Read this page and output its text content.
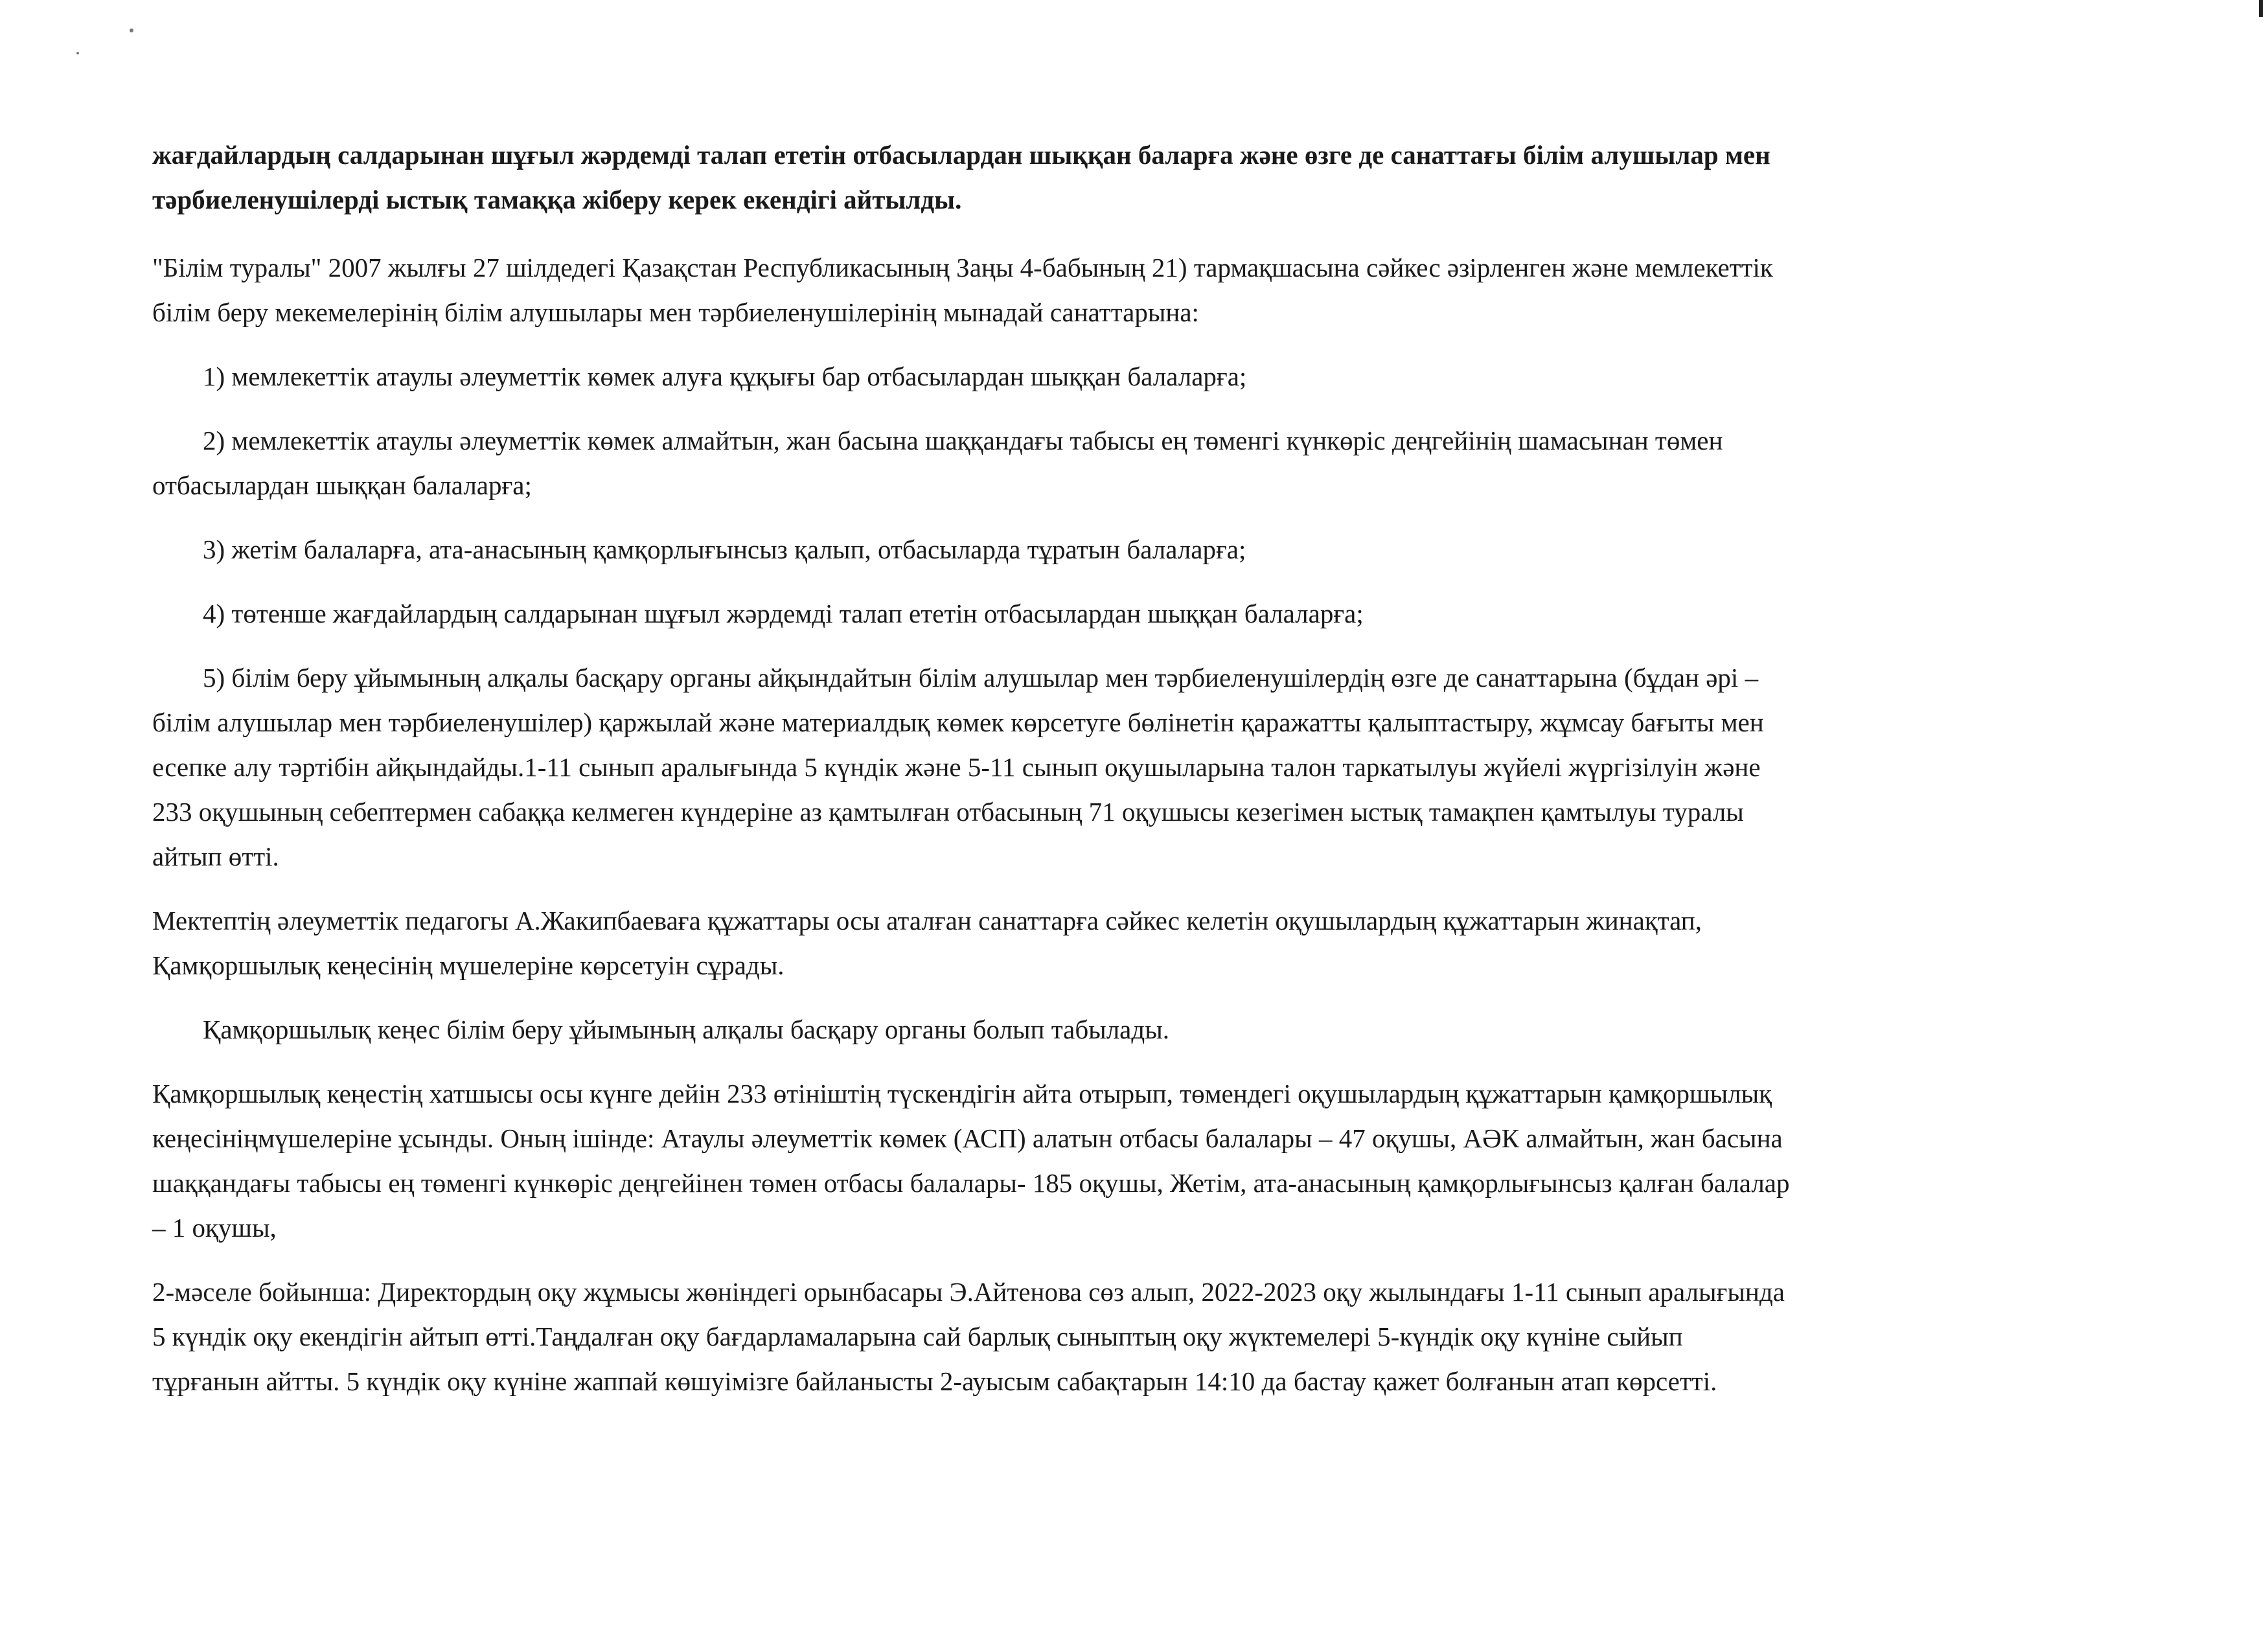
жағдайлардың салдарынан шұғыл жәрдемді талап ететін отбасылардан шыққан баларға және өзге де санаттағы білім алушылар мен
тәрбиеленушілерді ыстық тамаққа жіберу керек екендігі айтылды.
"Білім туралы" 2007 жылғы 27 шілдедегі Қазақстан Республикасының Заңы 4-бабының 21) тармақшасына сәйкес әзірленген және мемлекеттік
білім беру мекемелерінің білім алушылары мен тәрбиеленушілерінің мынадай санаттарына:
1) мемлекеттік атаулы әлеуметтік көмек алуға құқығы бар отбасылардан шыққан балаларға;
2) мемлекеттік атаулы әлеуметтік көмек алмайтын, жан басына шаққандағы табысы ең төменгі күнкөріс деңгейінің шамасынан төмен
отбасылардан шыққан балаларға;
3) жетім балаларға, ата-анасының қамқорлығынсыз қалып, отбасыларда тұратын балаларға;
4) төтенше жағдайлардың салдарынан шұғыл жәрдемді талап ететін отбасылардан шыққан балаларға;
5) білім беру ұйымының алқалы басқару органы айқындайтын білім алушылар мен тәрбиеленушілердің өзге де санаттарына (бұдан әрі –
білім алушылар мен тәрбиеленушілер) қаржылай және материалдық көмек көрсетуге бөлінетін қаражатты қалыптастыру, жұмсау бағыты мен
есепке алу тәртібін айқындайды.1-11 сынып аралығында 5 күндік және 5-11 сынып оқушыларына талон таркатылуы жүйелі жүргізілуін және
233 оқушының себептермен сабаққа келмеген күндеріне аз қамтылған отбасының 71 оқушысы кезегімен ыстық тамақпен қамтылуы туралы
айтып өтті.
Мектептің әлеуметтік педагогы А.Жакипбаеваға құжаттары осы аталған санаттарға сәйкес келетін оқушылардың құжаттарын жинақтап,
Қамқоршылық кеңесінің мүшелеріне көрсетуін сұрады.
Қамқоршылық кеңес білім беру ұйымының алқалы басқару органы болып табылады.
Қамқоршылық кеңестің хатшысы осы күнге дейін 233 өтініштің түскендігін айта отырып, төмендегі оқушылардың құжаттарын қамқоршылық
кеңесініңмүшелеріне ұсынды. Оның ішінде: Атаулы әлеуметтік көмек (АСП) алатын отбасы балалары – 47 оқушы, АӘК алмайтын, жан басына
шаққандағы табысы ең төменгі күнкөріс деңгейінен төмен отбасы балалары- 185 оқушы, Жетім, ата-анасының қамқорлығынсыз қалған балалар
– 1 оқушы,
2-мәселе бойынша: Директордың оқу жұмысы жөніндегі орынбасары Э.Айтенова сөз алып, 2022-2023 оқу жылындағы 1-11 сынып аралығында
5 күндік оқу екендігін айтып өтті.Таңдалған оқу бағдарламаларына сай барлық сыныптың оқу жүктемелері 5-күндік оқу күніне сыйып
тұрғанын айтты. 5 күндік оқу күніне жаппай көшуімізге байланысты 2-ауысым сабақтарын 14:10 да бастау қажет болғанын атап көрсетті.
